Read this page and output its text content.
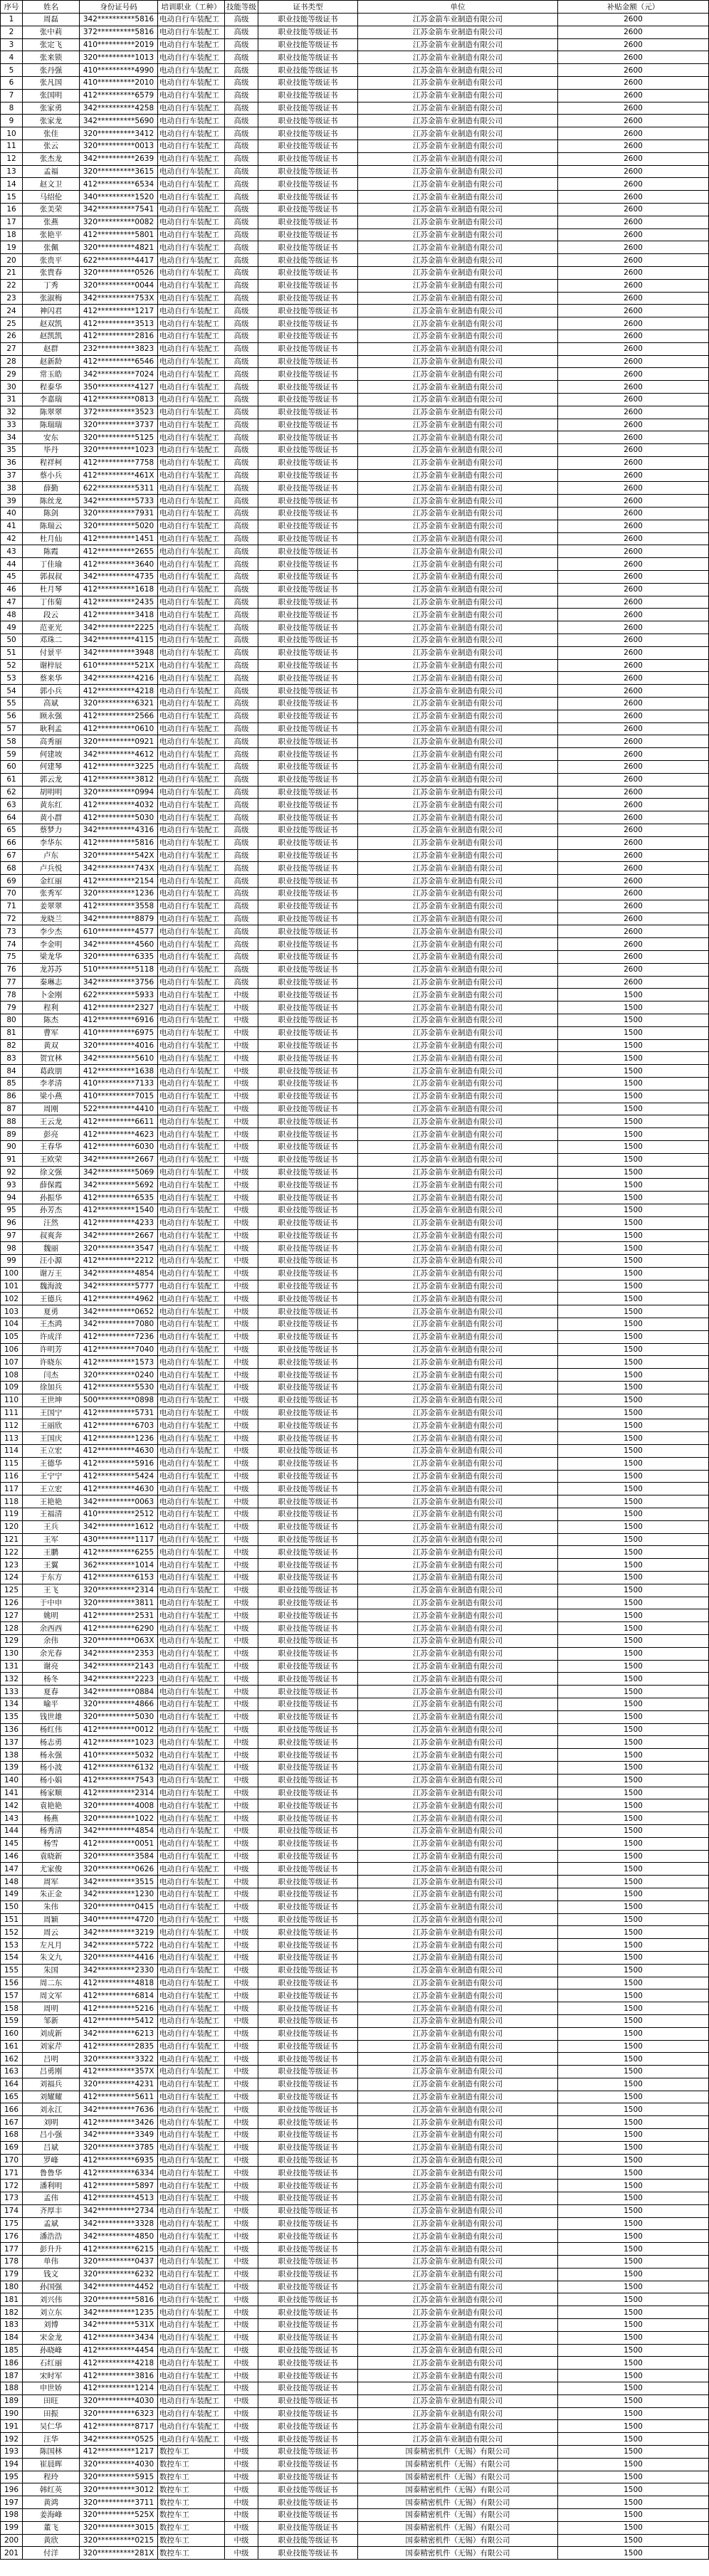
序号	姓名	身份证号码	培训职业（工种）	技能等级	证书类型	单位	补贴金额（元）
1	周磊	342**********5816	电动自行车装配工	高级	职业技能等级证书	江苏金箭车业制造有限公司	2600
2	张中莉	372**********5816	电动自行车装配工	高级	职业技能等级证书	江苏金箭车业制造有限公司	2600
3	张定飞	410**********2019	电动自行车装配工	高级	职业技能等级证书	江苏金箭车业制造有限公司	2600
4	张来锁	320**********1013	电动自行车装配工	高级	职业技能等级证书	江苏金箭车业制造有限公司	2600
5	张丹强	410**********4990	电动自行车装配工	高级	职业技能等级证书	江苏金箭车业制造有限公司	2600
6	张凡国	410**********2010	电动自行车装配工	高级	职业技能等级证书	江苏金箭车业制造有限公司	2600
7	张国明	412**********6579	电动自行车装配工	高级	职业技能等级证书	江苏金箭车业制造有限公司	2600
8	张家勇	342**********4258	电动自行车装配工	高级	职业技能等级证书	江苏金箭车业制造有限公司	2600
9	张家龙	342**********5690	电动自行车装配工	高级	职业技能等级证书	江苏金箭车业制造有限公司	2600
10	张佳	320**********3412	电动自行车装配工	高级	职业技能等级证书	江苏金箭车业制造有限公司	2600
11	张云	320**********0013	电动自行车装配工	高级	职业技能等级证书	江苏金箭车业制造有限公司	2600
12	张杰龙	342**********2639	电动自行车装配工	高级	职业技能等级证书	江苏金箭车业制造有限公司	2600
13	孟福	320**********3615	电动自行车装配工	高级	职业技能等级证书	江苏金箭车业制造有限公司	2600
14	赵文卫	412**********6534	电动自行车装配工	高级	职业技能等级证书	江苏金箭车业制造有限公司	2600
15	马绍伦	340**********1520	电动自行车装配工	高级	职业技能等级证书	江苏金箭车业制造有限公司	2600
16	张美荣	342**********7541	电动自行车装配工	高级	职业技能等级证书	江苏金箭车业制造有限公司	2600
17	张燕	320**********0082	电动自行车装配工	高级	职业技能等级证书	江苏金箭车业制造有限公司	2600
18	张艳平	412**********5801	电动自行车装配工	高级	职业技能等级证书	江苏金箭车业制造有限公司	2600
19	张佩	320**********4821	电动自行车装配工	高级	职业技能等级证书	江苏金箭车业制造有限公司	2600
20	张贵平	622**********4417	电动自行车装配工	高级	职业技能等级证书	江苏金箭车业制造有限公司	2600
21	张貴春	320**********0526	电动自行车装配工	高级	职业技能等级证书	江苏金箭车业制造有限公司	2600
22	丁秀	320**********0044	电动自行车装配工	高级	职业技能等级证书	江苏金箭车业制造有限公司	2600
23	张淑梅	342**********753X	电动自行车装配工	高级	职业技能等级证书	江苏金箭车业制造有限公司	2600
24	神闪君	412**********1217	电动自行车装配工	高级	职业技能等级证书	江苏金箭车业制造有限公司	2600
25	赵双凯	412**********3513	电动自行车装配工	高级	职业技能等级证书	江苏金箭车业制造有限公司	2600
26	赵凯凯	412**********2816	电动自行车装配工	高级	职业技能等级证书	江苏金箭车业制造有限公司	2600
27	赵群	232**********3823	电动自行车装配工	高级	职业技能等级证书	江苏金箭车业制造有限公司	2600
28	赵新龄	412**********6546	电动自行车装配工	高级	职业技能等级证书	江苏金箭车业制造有限公司	2600
29	常玉皓	342**********7024	电动自行车装配工	高级	职业技能等级证书	江苏金箭车业制造有限公司	2600
30	程泰华	350**********4127	电动自行车装配工	高级	职业技能等级证书	江苏金箭车业制造有限公司	2600
31	李嘉瑞	412**********0813	电动自行车装配工	高级	职业技能等级证书	江苏金箭车业制造有限公司	2600
32	陈翠翠	372**********3523	电动自行车装配工	高级	职业技能等级证书	江苏金箭车业制造有限公司	2600
33	陈瑞瑞	320**********3737	电动自行车装配工	高级	职业技能等级证书	江苏金箭车业制造有限公司	2600
34	安东	320**********5125	电动自行车装配工	高级	职业技能等级证书	江苏金箭车业制造有限公司	2600
35	毕丹	320**********1023	电动自行车装配工	高级	职业技能等级证书	江苏金箭车业制造有限公司	2600
36	程祥柯	412**********7758	电动自行车装配工	高级	职业技能等级证书	江苏金箭车业制造有限公司	2600
37	蔡小兵	412**********461X	电动自行车装配工	高级	职业技能等级证书	江苏金箭车业制造有限公司	2600
38	薛勤	622**********5311	电动自行车装配工	高级	职业技能等级证书	江苏金箭车业制造有限公司	2600
39	陈丝龙	342**********5733	电动自行车装配工	高级	职业技能等级证书	江苏金箭车业制造有限公司	2600
40	陈剑	320**********7931	电动自行车装配工	高级	职业技能等级证书	江苏金箭车业制造有限公司	2600
41	陈瑞云	320**********5020	电动自行车装配工	高级	职业技能等级证书	江苏金箭车业制造有限公司	2600
42	杜月仙	412**********1451	电动自行车装配工	高级	职业技能等级证书	江苏金箭车业制造有限公司	2600
43	陈霞	412**********2655	电动自行车装配工	高级	职业技能等级证书	江苏金箭车业制造有限公司	2600
44	丁佳瑜	412**********3640	电动自行车装配工	高级	职业技能等级证书	江苏金箭车业制造有限公司	2600
45	郭叔叔	342**********4735	电动自行车装配工	高级	职业技能等级证书	江苏金箭车业制造有限公司	2600
46	杜月琴	412**********1618	电动自行车装配工	高级	职业技能等级证书	江苏金箭车业制造有限公司	2600
47	丁伟菊	412**********2435	电动自行车装配工	高级	职业技能等级证书	江苏金箭车业制造有限公司	2600
48	段云	412**********3418	电动自行车装配工	高级	职业技能等级证书	江苏金箭车业制造有限公司	2600
49	范亚光	342**********2225	电动自行车装配工	高级	职业技能等级证书	江苏金箭车业制造有限公司	2600
50	邓珠二	342**********4115	电动自行车装配工	高级	职业技能等级证书	江苏金箭车业制造有限公司	2600
51	付景平	342**********3948	电动自行车装配工	高级	职业技能等级证书	江苏金箭车业制造有限公司	2600
52	谢梓辰	610**********521X	电动自行车装配工	高级	职业技能等级证书	江苏金箭车业制造有限公司	2600
53	蔡来华	342**********4216	电动自行车装配工	高级	职业技能等级证书	江苏金箭车业制造有限公司	2600
54	郭小兵	412**********4218	电动自行车装配工	高级	职业技能等级证书	江苏金箭车业制造有限公司	2600
55	高斌	320**********6321	电动自行车装配工	高级	职业技能等级证书	江苏金箭车业制造有限公司	2600
56	顾永强	412**********2566	电动自行车装配工	高级	职业技能等级证书	江苏金箭车业制造有限公司	2600
57	耿利孟	412**********0610	电动自行车装配工	高级	职业技能等级证书	江苏金箭车业制造有限公司	2600
58	高秀丽	320**********0921	电动自行车装配工	高级	职业技能等级证书	江苏金箭车业制造有限公司	2600
59	何建坡	342**********4612	电动自行车装配工	高级	职业技能等级证书	江苏金箭车业制造有限公司	2600
60	何建琴	412**********3225	电动自行车装配工	高级	职业技能等级证书	江苏金箭车业制造有限公司	2600
61	郭云龙	412**********3812	电动自行车装配工	高级	职业技能等级证书	江苏金箭车业制造有限公司	2600
62	胡明明	320**********0994	电动自行车装配工	高级	职业技能等级证书	江苏金箭车业制造有限公司	2600
63	黄东红	412**********4032	电动自行车装配工	高级	职业技能等级证书	江苏金箭车业制造有限公司	2600
64	黄小群	412**********5030	电动自行车装配工	高级	职业技能等级证书	江苏金箭车业制造有限公司	2600
65	蔡梦力	342**********4316	电动自行车装配工	高级	职业技能等级证书	江苏金箭车业制造有限公司	2600
66	李华东	412**********5816	电动自行车装配工	高级	职业技能等级证书	江苏金箭车业制造有限公司	2600
67	卢东	320**********542X	电动自行车装配工	高级	职业技能等级证书	江苏金箭车业制造有限公司	2600
68	卢兵悦	342**********743X	电动自行车装配工	高级	职业技能等级证书	江苏金箭车业制造有限公司	2600
69	金红丽	412**********2154	电动自行车装配工	高级	职业技能等级证书	江苏金箭车业制造有限公司	2600
70	张秀军	320**********1236	电动自行车装配工	高级	职业技能等级证书	江苏金箭车业制造有限公司	2600
71	姜翠翠	412**********3558	电动自行车装配工	高级	职业技能等级证书	江苏金箭车业制造有限公司	2600
72	龙晓兰	342**********8879	电动自行车装配工	高级	职业技能等级证书	江苏金箭车业制造有限公司	2600
73	李少杰	610**********4577	电动自行车装配工	高级	职业技能等级证书	江苏金箭车业制造有限公司	2600
74	李金明	342**********4560	电动自行车装配工	高级	职业技能等级证书	江苏金箭车业制造有限公司	2600
75	梁龙华	320**********6335	电动自行车装配工	高级	职业技能等级证书	江苏金箭车业制造有限公司	2600
76	龙苏苏	510**********5118	电动自行车装配工	高级	职业技能等级证书	江苏金箭车业制造有限公司	2600
77	秦琳志	342**********3756	电动自行车装配工	高级	职业技能等级证书	江苏金箭车业制造有限公司	2600
78	卜金刚	622**********5933	电动自行车装配工	中级	职业技能等级证书	江苏金箭车业制造有限公司	1500
79	程利	412**********2327	电动自行车装配工	中级	职业技能等级证书	江苏金箭车业制造有限公司	1500
80	陈杰	412**********6916	电动自行车装配工	中级	职业技能等级证书	江苏金箭车业制造有限公司	1500
81	曹军	410**********6975	电动自行车装配工	中级	职业技能等级证书	江苏金箭车业制造有限公司	1500
82	黄双	320**********4016	电动自行车装配工	中级	职业技能等级证书	江苏金箭车业制造有限公司	1500
83	贺宜林	342**********5610	电动自行车装配工	中级	职业技能等级证书	江苏金箭车业制造有限公司	1500
84	葛政朋	412**********1638	电动自行车装配工	中级	职业技能等级证书	江苏金箭车业制造有限公司	1500
85	李孝清	410**********7133	电动自行车装配工	中级	职业技能等级证书	江苏金箭车业制造有限公司	1500
86	梁小燕	410**********7015	电动自行车装配工	中级	职业技能等级证书	江苏金箭车业制造有限公司	1500
87	周刚	522**********4410	电动自行车装配工	中级	职业技能等级证书	江苏金箭车业制造有限公司	1500
88	王云龙	412**********6611	电动自行车装配工	中级	职业技能等级证书	江苏金箭车业制造有限公司	1500
89	彭亮	412**********4623	电动自行车装配工	中级	职业技能等级证书	江苏金箭车业制造有限公司	1500
90	王春华	412**********6030	电动自行车装配工	中级	职业技能等级证书	江苏金箭车业制造有限公司	1500
91	王欧荣	342**********2667	电动自行车装配工	中级	职业技能等级证书	江苏金箭车业制造有限公司	1500
92	徐文强	342**********5069	电动自行车装配工	中级	职业技能等级证书	江苏金箭车业制造有限公司	1500
93	薛保霞	342**********5692	电动自行车装配工	中级	职业技能等级证书	江苏金箭车业制造有限公司	1500
94	孙振华	412**********6535	电动自行车装配工	中级	职业技能等级证书	江苏金箭车业制造有限公司	1500
95	孙芳杰	412**********1540	电动自行车装配工	中级	职业技能等级证书	江苏金箭车业制造有限公司	1500
96	汪然	412**********4233	电动自行车装配工	中级	职业技能等级证书	江苏金箭车业制造有限公司	1500
97	叔爽奔	342**********2667	电动自行车装配工	中级	职业技能等级证书	江苏金箭车业制造有限公司	1500
98	魏丽	320**********3547	电动自行车装配工	中级	职业技能等级证书	江苏金箭车业制造有限公司	1500
99	汪小源	412**********2212	电动自行车装配工	中级	职业技能等级证书	江苏金箭车业制造有限公司	1500
100	谢万王	342**********4854	电动自行车装配工	中级	职业技能等级证书	江苏金箭车业制造有限公司	1500
101	魏海波	342**********5777	电动自行车装配工	中级	职业技能等级证书	江苏金箭车业制造有限公司	1500
102	王德兵	412**********4962	电动自行车装配工	中级	职业技能等级证书	江苏金箭车业制造有限公司	1500
103	夏勇	342**********0652	电动自行车装配工	中级	职业技能等级证书	江苏金箭车业制造有限公司	1500
104	王杰鸿	342**********7080	电动自行车装配工	中级	职业技能等级证书	江苏金箭车业制造有限公司	1500
105	许成洋	412**********7236	电动自行车装配工	中级	职业技能等级证书	江苏金箭车业制造有限公司	1500
106	许明芳	412**********7040	电动自行车装配工	中级	职业技能等级证书	江苏金箭车业制造有限公司	1500
107	许晓东	412**********1573	电动自行车装配工	中级	职业技能等级证书	江苏金箭车业制造有限公司	1500
108	闫杰	320**********0240	电动自行车装配工	中级	职业技能等级证书	江苏金箭车业制造有限公司	1500
109	徐加兵	412**********5530	电动自行车装配工	中级	职业技能等级证书	江苏金箭车业制造有限公司	1500
110	王世坤	500**********0898	电动自行车装配工	中级	职业技能等级证书	江苏金箭车业制造有限公司	1500
111	王国宁	412**********5731	电动自行车装配工	中级	职业技能等级证书	江苏金箭车业制造有限公司	1500
112	王丽欣	412**********6703	电动自行车装配工	中级	职业技能等级证书	江苏金箭车业制造有限公司	1500
113	王国庆	412**********1236	电动自行车装配工	中级	职业技能等级证书	江苏金箭车业制造有限公司	1500
114	王立宏	412**********4630	电动自行车装配工	中级	职业技能等级证书	江苏金箭车业制造有限公司	1500
115	王德华	412**********5916	电动自行车装配工	中级	职业技能等级证书	江苏金箭车业制造有限公司	1500
116	王宁宁	412**********5424	电动自行车装配工	中级	职业技能等级证书	江苏金箭车业制造有限公司	1500
117	王立宏	412**********4630	电动自行车装配工	中级	职业技能等级证书	江苏金箭车业制造有限公司	1500
118	王艳艳	342**********0063	电动自行车装配工	中级	职业技能等级证书	江苏金箭车业制造有限公司	1500
119	王福清	410**********2512	电动自行车装配工	中级	职业技能等级证书	江苏金箭车业制造有限公司	1500
120	王兵	342**********1612	电动自行车装配工	中级	职业技能等级证书	江苏金箭车业制造有限公司	1500
121	王军	430**********1117	电动自行车装配工	中级	职业技能等级证书	江苏金箭车业制造有限公司	1500
122	王鹏	412**********6255	电动自行车装配工	中级	职业技能等级证书	江苏金箭车业制造有限公司	1500
123	王翼	362**********1014	电动自行车装配工	中级	职业技能等级证书	江苏金箭车业制造有限公司	1500
124	于东方	412**********6153	电动自行车装配工	中级	职业技能等级证书	江苏金箭车业制造有限公司	1500
125	王飞	320**********2314	电动自行车装配工	中级	职业技能等级证书	江苏金箭车业制造有限公司	1500
126	于中申	320**********3811	电动自行车装配工	中级	职业技能等级证书	江苏金箭车业制造有限公司	1500
127	姚明	412**********2531	电动自行车装配工	中级	职业技能等级证书	江苏金箭车业制造有限公司	1500
128	余西西	412**********6290	电动自行车装配工	中级	职业技能等级证书	江苏金箭车业制造有限公司	1500
129	余伟	320**********063X	电动自行车装配工	中级	职业技能等级证书	江苏金箭车业制造有限公司	1500
130	余光春	342**********2353	电动自行车装配工	中级	职业技能等级证书	江苏金箭车业制造有限公司	1500
131	谢亮	342**********2143	电动自行车装配工	中级	职业技能等级证书	江苏金箭车业制造有限公司	1500
132	杨冬	342**********2223	电动自行车装配工	中级	职业技能等级证书	江苏金箭车业制造有限公司	1500
133	夏春	342**********0884	电动自行车装配工	中级	职业技能等级证书	江苏金箭车业制造有限公司	1500
134	喻平	320**********4866	电动自行车装配工	中级	职业技能等级证书	江苏金箭车业制造有限公司	1500
135	钱世雄	320**********5030	电动自行车装配工	中级	职业技能等级证书	江苏金箭车业制造有限公司	1500
136	杨红伟	412**********0012	电动自行车装配工	中级	职业技能等级证书	江苏金箭车业制造有限公司	1500
137	杨志勇	412**********1023	电动自行车装配工	中级	职业技能等级证书	江苏金箭车业制造有限公司	1500
138	杨永强	410**********5032	电动自行车装配工	中级	职业技能等级证书	江苏金箭车业制造有限公司	1500
139	杨小波	412**********6132	电动自行车装配工	中级	职业技能等级证书	江苏金箭车业制造有限公司	1500
140	杨小娟	412**********7543	电动自行车装配工	中级	职业技能等级证书	江苏金箭车业制造有限公司	1500
141	杨家顺	412**********2314	电动自行车装配工	中级	职业技能等级证书	江苏金箭车业制造有限公司	1500
142	袁艳艳	320**********4008	电动自行车装配工	中级	职业技能等级证书	江苏金箭车业制造有限公司	1500
143	杨燕	320**********1022	电动自行车装配工	中级	职业技能等级证书	江苏金箭车业制造有限公司	1500
144	杨秀清	342**********4854	电动自行车装配工	中级	职业技能等级证书	江苏金箭车业制造有限公司	1500
145	杨雪	412**********0051	电动自行车装配工	中级	职业技能等级证书	江苏金箭车业制造有限公司	1500
146	袁晓新	320**********3584	电动自行车装配工	中级	职业技能等级证书	江苏金箭车业制造有限公司	1500
147	尤家俊	320**********0626	电动自行车装配工	中级	职业技能等级证书	江苏金箭车业制造有限公司	1500
148	周军	342**********3515	电动自行车装配工	中级	职业技能等级证书	江苏金箭车业制造有限公司	1500
149	朱正金	342**********1230	电动自行车装配工	中级	职业技能等级证书	江苏金箭车业制造有限公司	1500
150	朱伟	320**********0415	电动自行车装配工	中级	职业技能等级证书	江苏金箭车业制造有限公司	1500
151	周颖	340**********4720	电动自行车装配工	中级	职业技能等级证书	江苏金箭车业制造有限公司	1500
152	周云	342**********3219	电动自行车装配工	中级	职业技能等级证书	江苏金箭车业制造有限公司	1500
153	左凡月	342**********5722	电动自行车装配工	中级	职业技能等级证书	江苏金箭车业制造有限公司	1500
154	朱文九	320**********4416	电动自行车装配工	中级	职业技能等级证书	江苏金箭车业制造有限公司	1500
155	朱国	342**********2330	电动自行车装配工	中级	职业技能等级证书	江苏金箭车业制造有限公司	1500
156	周二东	412**********4818	电动自行车装配工	中级	职业技能等级证书	江苏金箭车业制造有限公司	1500
157	周文军	412**********6814	电动自行车装配工	中级	职业技能等级证书	江苏金箭车业制造有限公司	1500
158	周明	412**********5216	电动自行车装配工	中级	职业技能等级证书	江苏金箭车业制造有限公司	1500
159	邹新	412**********5412	电动自行车装配工	中级	职业技能等级证书	江苏金箭车业制造有限公司	1500
160	刘成新	342**********6213	电动自行车装配工	中级	职业技能等级证书	江苏金箭车业制造有限公司	1500
161	刘家芹	412**********2835	电动自行车装配工	中级	职业技能等级证书	江苏金箭车业制造有限公司	1500
162	吕明	320**********3322	电动自行车装配工	中级	职业技能等级证书	江苏金箭车业制造有限公司	1500
163	吕勇刚	412**********357X	电动自行车装配工	中级	职业技能等级证书	江苏金箭车业制造有限公司	1500
164	刘福兵	320**********4231	电动自行车装配工	中级	职业技能等级证书	江苏金箭车业制造有限公司	1500
165	刘耀耀	412**********5611	电动自行车装配工	中级	职业技能等级证书	江苏金箭车业制造有限公司	1500
166	刘永江	342**********7636	电动自行车装配工	中级	职业技能等级证书	江苏金箭车业制造有限公司	1500
167	刘明	412**********3426	电动自行车装配工	中级	职业技能等级证书	江苏金箭车业制造有限公司	1500
168	吕小强	342**********3349	电动自行车装配工	中级	职业技能等级证书	江苏金箭车业制造有限公司	1500
169	吕斌	320**********3785	电动自行车装配工	中级	职业技能等级证书	江苏金箭车业制造有限公司	1500
170	罗峰	412**********6935	电动自行车装配工	中级	职业技能等级证书	江苏金箭车业制造有限公司	1500
171	鲁鲁华	412**********6334	电动自行车装配工	中级	职业技能等级证书	江苏金箭车业制造有限公司	1500
172	潘利明	412**********5897	电动自行车装配工	中级	职业技能等级证书	江苏金箭车业制造有限公司	1500
173	孟伟	412**********4513	电动自行车装配工	中级	职业技能等级证书	江苏金箭车业制造有限公司	1500
174	齐厚丰	342**********2734	电动自行车装配工	中级	职业技能等级证书	江苏金箭车业制造有限公司	1500
175	孟斌	342**********3328	电动自行车装配工	中级	职业技能等级证书	江苏金箭车业制造有限公司	1500
176	潘浩浩	342**********4850	电动自行车装配工	中级	职业技能等级证书	江苏金箭车业制造有限公司	1500
177	彭升升	412**********6215	电动自行车装配工	中级	职业技能等级证书	江苏金箭车业制造有限公司	1500
178	单伟	320**********0437	电动自行车装配工	中级	职业技能等级证书	江苏金箭车业制造有限公司	1500
179	钱文	320**********6232	电动自行车装配工	中级	职业技能等级证书	江苏金箭车业制造有限公司	1500
180	孙国强	342**********4452	电动自行车装配工	中级	职业技能等级证书	江苏金箭车业制造有限公司	1500
181	刘兴伟	320**********5816	电动自行车装配工	中级	职业技能等级证书	江苏金箭车业制造有限公司	1500
182	刘立东	342**********1235	电动自行车装配工	中级	职业技能等级证书	江苏金箭车业制造有限公司	1500
183	刘博	342**********531X	电动自行车装配工	中级	职业技能等级证书	江苏金箭车业制造有限公司	1500
184	宋金龙	412**********3434	电动自行车装配工	中级	职业技能等级证书	江苏金箭车业制造有限公司	1500
185	孙晓峰	412**********4454	电动自行车装配工	中级	职业技能等级证书	江苏金箭车业制造有限公司	1500
186	石红丽	412**********4218	电动自行车装配工	中级	职业技能等级证书	江苏金箭车业制造有限公司	1500
187	宋时军	412**********3816	电动自行车装配工	中级	职业技能等级证书	江苏金箭车业制造有限公司	1500
188	申世娇	412**********1214	电动自行车装配工	中级	职业技能等级证书	江苏金箭车业制造有限公司	1500
189	田旺	320**********4030	电动自行车装配工	中级	职业技能等级证书	江苏金箭车业制造有限公司	1500
190	田振	320**********6323	电动自行车装配工	中级	职业技能等级证书	江苏金箭车业制造有限公司	1500
191	吴仁华	412**********8717	电动自行车装配工	中级	职业技能等级证书	江苏金箭车业制造有限公司	1500
192	汪华	342**********0525	电动自行车装配工	中级	职业技能等级证书	江苏金箭车业制造有限公司	1500
193	陈国林	412**********1217	数控车工	中级	职业技能等级证书	国泰精密机件（无锡）有限公司	1500
194	崔晨晖	320**********4030	数控车工	中级	职业技能等级证书	国泰精密机件（无锡）有限公司	1500
195	程玲	320**********5915	数控车工	中级	职业技能等级证书	国泰精密机件（无锡）有限公司	1500
196	韩红英	320**********3012	数控车工	中级	职业技能等级证书	国泰精密机件（无锡）有限公司	1500
197	黄鸿	320**********3711	数控车工	中级	职业技能等级证书	国泰精密机件（无锡）有限公司	1500
198	姜海峰	320**********525X	数控车工	中级	职业技能等级证书	国泰精密机件（无锡）有限公司	1500
199	董飞	320**********3015	数控车工	中级	职业技能等级证书	国泰精密机件（无锡）有限公司	1500
200	黄欣	320**********0215	数控车工	中级	职业技能等级证书	国泰精密机件（无锡）有限公司	1500
201	付洋	320**********281X	数控车工	中级	职业技能等级证书	国泰精密机件（无锡）有限公司	1500
